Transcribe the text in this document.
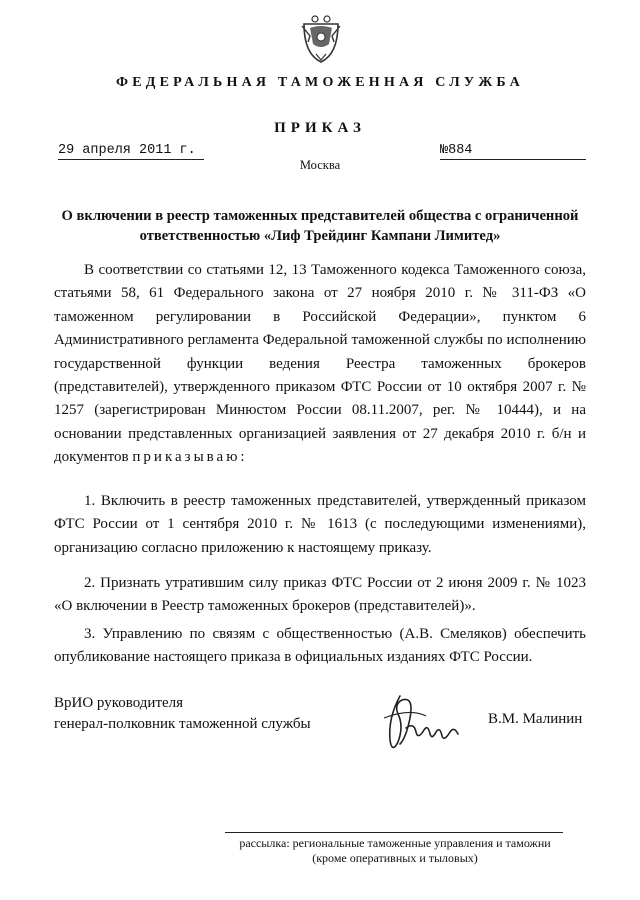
ФЕДЕРАЛЬНАЯ ТАМОЖЕННАЯ СЛУЖБА
ПРИКАЗ
29 апреля 2011 г.	№884
Москва
О включении в реестр таможенных представителей общества с ограниченной ответственностью «Лиф Трейдинг Кампани Лимитед»

В соответствии со статьями 12, 13 Таможенного кодекса Таможенного союза, статьями 58, 61 Федерального закона от 27 ноября 2010 г. № 311-ФЗ «О таможенном регулировании в Российской Федерации», пунктом 6 Административного регламента Федеральной таможенной службы по исполнению государственной функции ведения Реестра таможенных брокеров (представителей), утвержденного приказом ФТС России от 10 октября 2007 г. № 1257 (зарегистрирован Минюстом России 08.11.2007, рег. № 10444), и на основании представленных организацией заявления от 27 декабря 2010 г. б/н и документов приказываю:

1. Включить в реестр таможенных представителей, утвержденный приказом ФТС России от 1 сентября 2010 г. № 1613 (с последующими изменениями), организацию согласно приложению к настоящему приказу.

2. Признать утратившим силу приказ ФТС России от 2 июня 2009 г. № 1023 «О включении в Реестр таможенных брокеров (представителей)».

3. Управлению по связям с общественностью (А.В. Смеляков) обеспечить опубликование настоящего приказа в официальных изданиях ФТС России.

ВрИО руководителя
генерал-полковник таможенной службы	В.М. Малинин
рассылка: региональные таможенные управления и таможни
(кроме оперативных и тыловых)
